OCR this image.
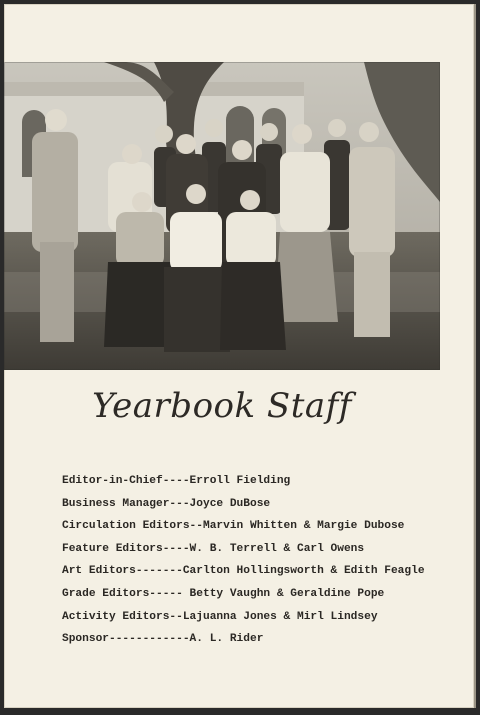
Yearbook Staff
Editor-in-Chief----Erroll Fielding
Business Manager---Joyce DuBose
Circulation Editors--Marvin Whitten & Margie Dubose
Feature Editors----W. B. Terrell & Carl Owens
Art Editors-------Carlton Hollingsworth & Edith Feagle
Grade Editors----- Betty Vaughn & Geraldine Pope
Activity Editors--Lajuanna Jones & Mirl Lindsey
Sponsor------------A. L. Rider
